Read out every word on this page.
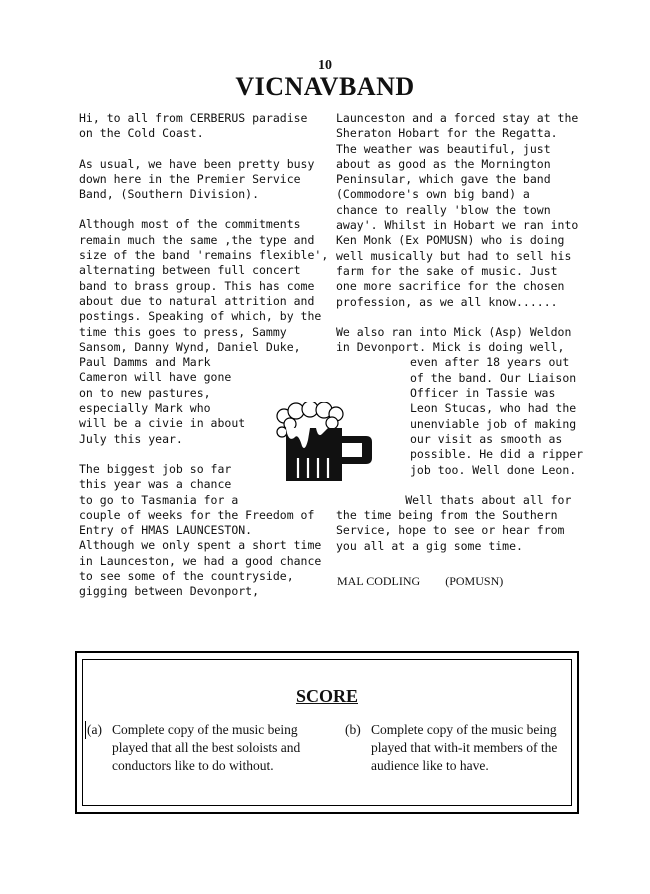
10
VICNAVBAND
Hi, to all from CERBERUS paradise
on the Cold Coast.
As usual, we have been pretty busy
down here in the Premier Service
Band, (Southern Division).
Although most of the commitments
remain much the same ,the type and
size of the band 'remains flexible',
alternating between full concert
band to brass group. This has come
about due to natural attrition and
postings. Speaking of which, by the
time this goes to press, Sammy
Sansom, Danny Wynd, Daniel Duke,
Paul Damms and Mark
Cameron will have gone
on to new pastures,
especially Mark who
will be a civie in about
July this year.
The biggest job so far
this year was a chance
to go to Tasmania for a
couple of weeks for the Freedom of
Entry of HMAS LAUNCESTON.
Although we only spent a short time
in Launceston, we had a good chance
to see some of the countryside,
gigging between Devonport,
Launceston and a forced stay at the
Sheraton Hobart for the Regatta.
The weather was beautiful, just
about as good as the Mornington
Peninsular, which gave the band
(Commodore's own big band) a
chance to really 'blow the town
away'. Whilst in Hobart we ran into
Ken Monk (Ex POMUSN) who is doing
well musically but had to sell his
farm for the sake of music. Just
one more sacrifice for the chosen
profession, as we all know......
We also ran into Mick (Asp) Weldon
in Devonport. Mick is doing well,
even after 18 years out
of the band. Our Liaison
Officer in Tassie was
Leon Stucas, who had the
unenviable job of making
our visit as smooth as
possible. He did a ripper
job too. Well done Leon.
Well thats about all for
the time being from the Southern
Service, hope to see or hear from
you all at a gig some time.
MAL CODLING (POMUSN)
SCORE
(a) Complete copy of the music being played that all the best soloists and conductors like to do without.
(b) Complete copy of the music being played that with-it members of the audience like to have.
